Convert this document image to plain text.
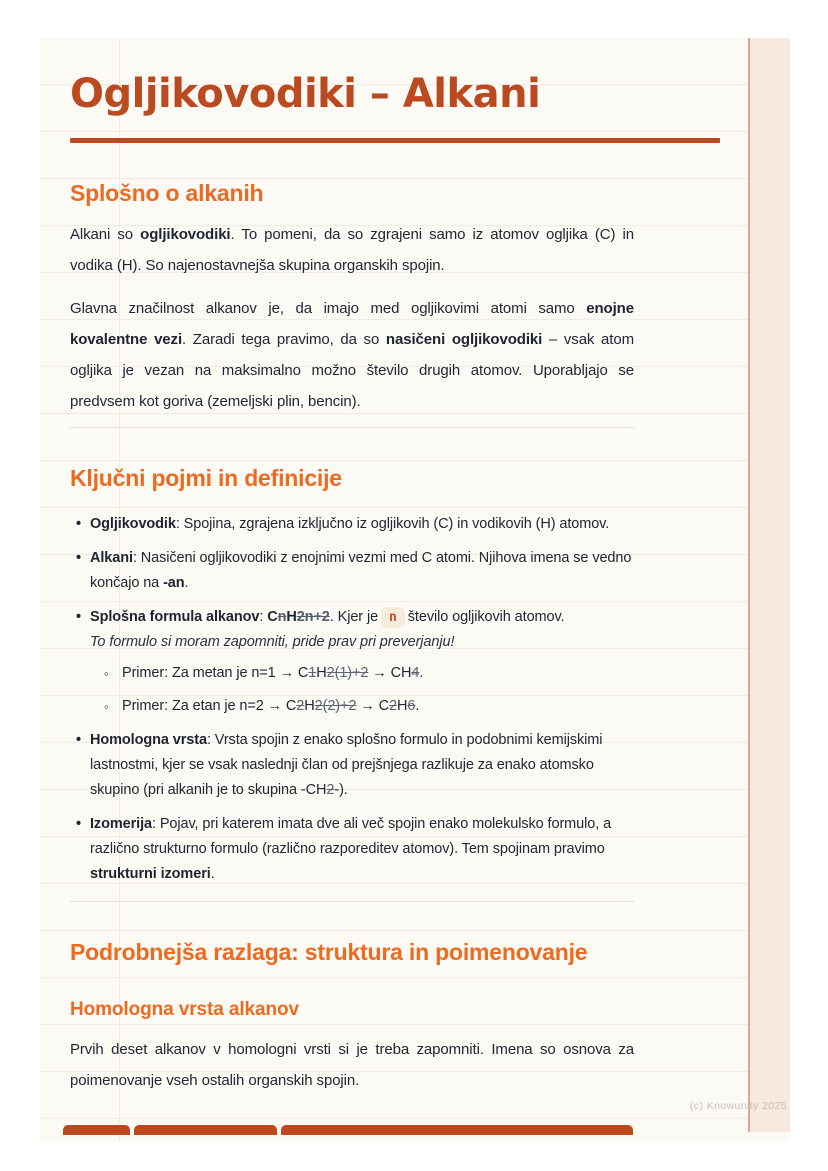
Ogljikovodiki – Alkani
Splošno o alkanih

Alkani so ogljikovodiki. To pomeni, da so zgrajeni samo iz atomov ogljika (C) in vodika (H). So najenostavnejša skupina organskih spojin.

Glavna značilnost alkanov je, da imajo med ogljikovimi atomi samo enojne kovalentne vezi. Zaradi tega pravimo, da so nasičeni ogljikovodiki – vsak atom ogljika je vezan na maksimalno možno število drugih atomov. Uporabljajo se predvsem kot goriva (zemeljski plin, bencin).

Ključni pojmi in definicije
• Ogljikovodik: Spojina, zgrajena izključno iz ogljikovih (C) in vodikovih (H) atomov.
• Alkani: Nasičeni ogljikovodiki z enojnimi vezmi med C atomi. Njihova imena se vedno končajo na -an.
• Splošna formula alkanov: CnH2n+2. Kjer je n število ogljikovih atomov.
To formulo si moram zapomniti, pride prav pri preverjanju!
◦ Primer: Za metan je n=1 → C1H2(1)+2 → CH4.
◦ Primer: Za etan je n=2 → C2H2(2)+2 → C2H6.
• Homologna vrsta: Vrsta spojin z enako splošno formulo in podobnimi kemijskimi lastnostmi, kjer se vsak naslednji član od prejšnjega razlikuje za enako atomsko skupino (pri alkanih je to skupina -CH2-).
• Izomerija: Pojav, pri katerem imata dve ali več spojin enako molekulsko formulo, a različno strukturno formulo (različno razporeditev atomov). Tem spojinam pravimo strukturni izomeri.
Podrobnejša razlaga: struktura in poimenovanje
Homologna vrsta alkanov

Prvih deset alkanov v homologni vrsti si je treba zapomniti. Imena so osnova za poimenovanje vseh ostalih organskih spojin.

(c) Knowunity 2025
